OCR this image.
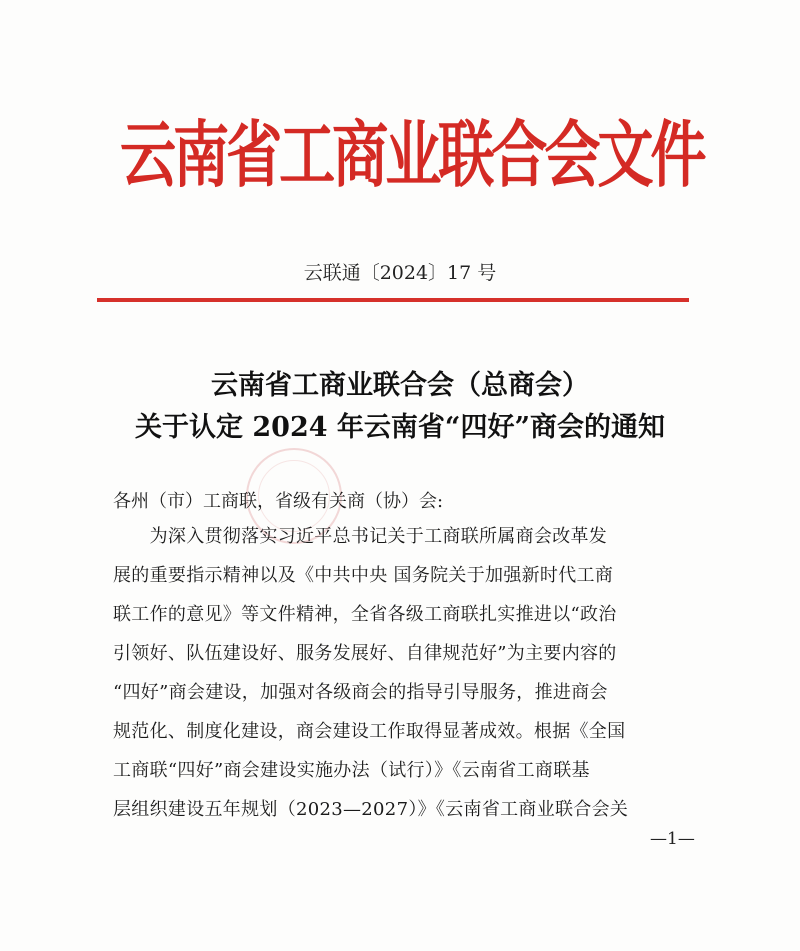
云南省工商业联合会文件
云联通〔2024〕17 号
云南省工商业联合会（总商会）
关于认定 2024 年云南省“四好”商会的通知
各州（市）工商联，省级有关商（协）会:
　　为深入贯彻落实习近平总书记关于工商联所属商会改革发
展的重要指示精神以及《中共中央 国务院关于加强新时代工商
联工作的意见》等文件精神，全省各级工商联扎实推进以“政治
引领好、队伍建设好、服务发展好、自律规范好”为主要内容的
“四好”商会建设，加强对各级商会的指导引导服务，推进商会
规范化、制度化建设，商会建设工作取得显著成效。根据《全国
工商联“四好”商会建设实施办法（试行）》《云南省工商联基
层组织建设五年规划（2023—2027）》《云南省工商业联合会关
—1—
